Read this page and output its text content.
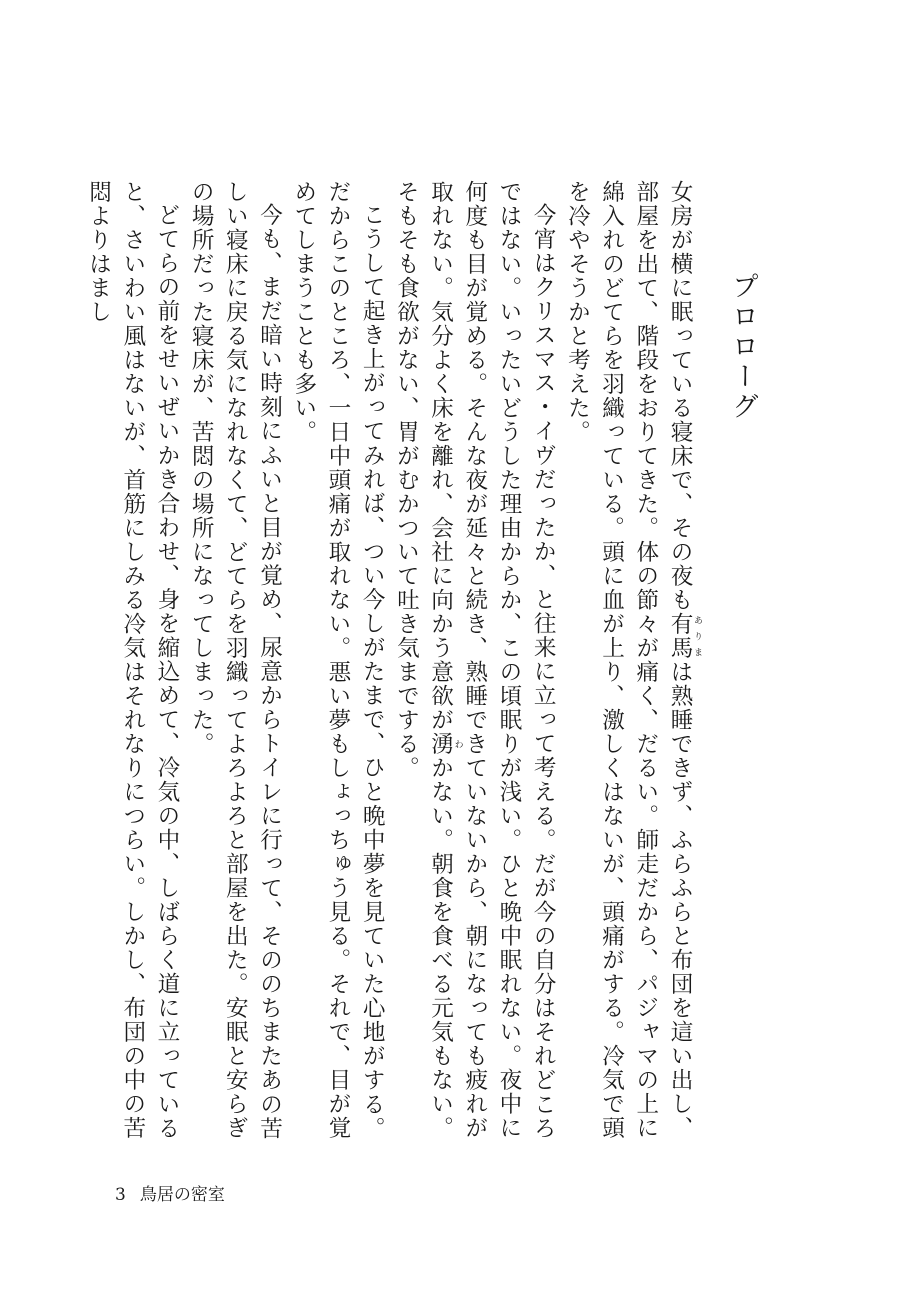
プロローグ

女房が横に眠っている寝床で、その夜も有馬 ありまは熟睡できず、ふらふらと布団を這い出し、部屋を出て、階段をおりてきた。体の節々が痛く、だるい。師走だから、パジャマの上に綿入れのどてらを羽織っている。頭に血が上り、激しくはないが、頭痛がする。冷気で頭を冷やそうかと考えた。

今宵はクリスマス・イヴだったか、と往来に立って考える。だが今の自分はそれどころではない。いったいどうした理由からか、この頃眠りが浅い。ひと晩中眠れない。夜中に何度も目が覚める。そんな夜が延々と続き、熟睡できていないから、朝になっても疲れが取れない。気分よく床を離れ、会社に向かう意欲が湧 わかない。朝食を食べる元気もない。そもそも食欲がない、胃がむかついて吐き気までする。

こうして起き上がってみれば、つい今しがたまで、ひと晩中夢を見ていた心地がする。だからこのところ、一日中頭痛が取れない。悪い夢もしょっちゅう見る。それで、目が覚めてしまうことも多い。

今も、まだ暗い時刻にふいと目が覚め、尿意からトイレに行って、そののちまたあの苦しい寝床に戻る気になれなくて、どてらを羽織ってよろよろと部屋を出た。安眠と安らぎの場所だった寝床が、苦悶の場所になってしまった。

どてらの前をせいぜいかき合わせ、身を縮込めて、冷気の中、しばらく道に立っていると、さいわい風はないが、首筋にしみる冷気はそれなりにつらい。しかし、布団の中の苦悶よりはまし

3 鳥居の密室
